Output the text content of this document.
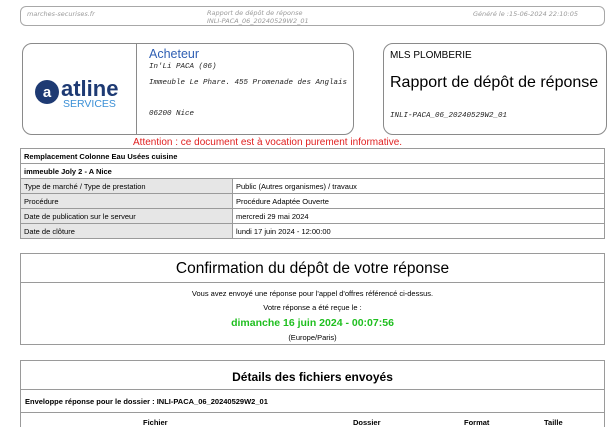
marches-securises.fr	Rapport de dépôt de réponse
INLI-PACA_06_20240529W2_01
Généré le :15-06-2024 22:10:05
a atline
SERVICES
Acheteur
In'Li PACA (06)
Immeuble Le Phare. 455 Promenade des Anglais
06200 Nice
MLS PLOMBERIE
Rapport de dépôt de réponse
INLI-PACA_06_20240529W2_01
Attention : ce document est à vocation purement informative.
Remplacement Colonne Eau Usées cuisine	
immeuble Joly 2 - A Nice	
Type de marché / Type de prestation	Public (Autres organismes) / travaux
Procédure	Procédure Adaptée Ouverte
Date de publication sur le serveur	mercredi 29 mai 2024
Date de clôture	lundi 17 juin 2024 - 12:00:00
Confirmation du dépôt de votre réponse
Vous avez envoyé une réponse pour l'appel d'offres référencé ci-dessus.
Votre réponse a été reçue le :
dimanche 16 juin 2024 - 00:07:56
(Europe/Paris)
Détails des fichiers envoyés
Enveloppe réponse pour le dossier : INLI-PACA_06_20240529W2_01
Fichier	Dossier	Format	Taille
